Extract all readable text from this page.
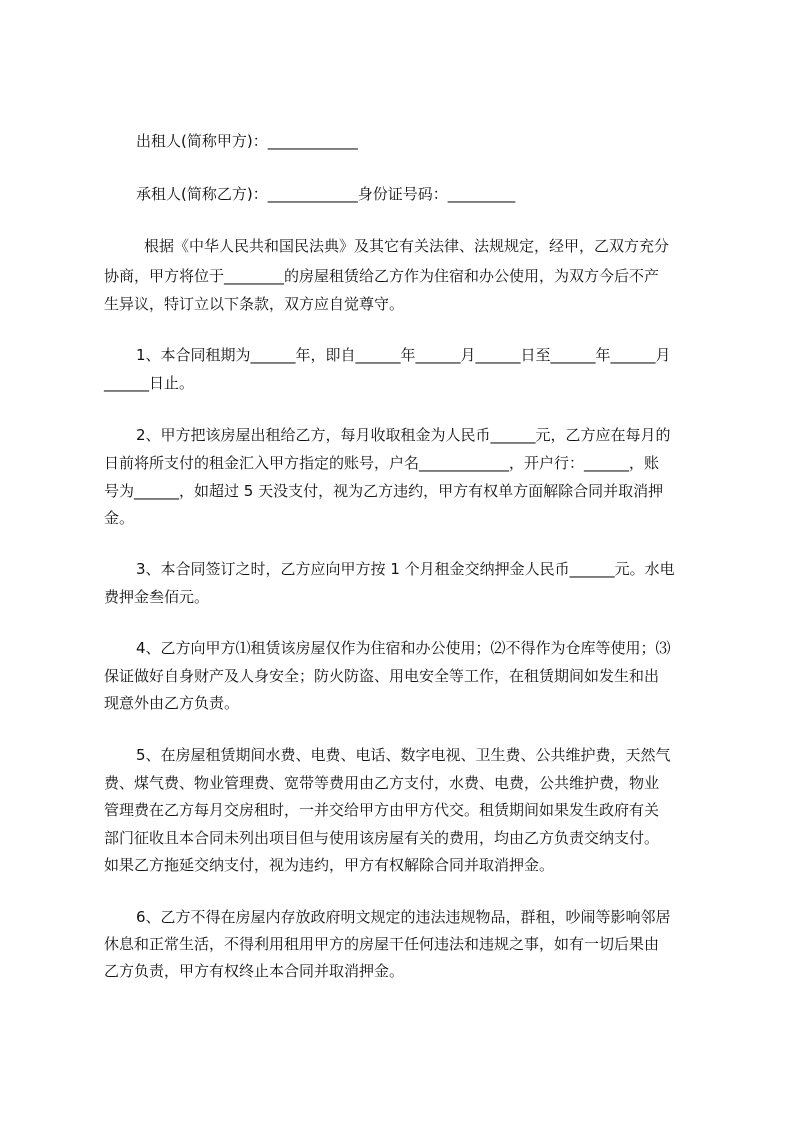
出租人(简称甲方)：____________
承租人(简称乙方)：____________身份证号码：_________
根据《中华人民共和国民法典》及其它有关法律、法规规定，经甲，乙双方充分
协商，甲方将位于________的房屋租赁给乙方作为住宿和办公使用，为双方今后不产
生异议，特订立以下条款，双方应自觉尊守。
1、本合同租期为______年，即自______年______月______日至______年______月
______日止。
2、甲方把该房屋出租给乙方，每月收取租金为人民币______元，乙方应在每月的
日前将所支付的租金汇入甲方指定的账号，户名____________，开户行：______，账
号为______，如超过 5 天没支付，视为乙方违约，甲方有权单方面解除合同并取消押
金。
3、本合同签订之时，乙方应向甲方按 1 个月租金交纳押金人民币______元。水电
费押金叁佰元。
4、乙方向甲方⑴租赁该房屋仅作为住宿和办公使用；⑵不得作为仓库等使用；⑶
保证做好自身财产及人身安全；防火防盗、用电安全等工作，在租赁期间如发生和出
现意外由乙方负责。
5、在房屋租赁期间水费、电费、电话、数字电视、卫生费、公共维护费，天然气
费、煤气费、物业管理费、宽带等费用由乙方支付，水费、电费，公共维护费，物业
管理费在乙方每月交房租时，一并交给甲方由甲方代交。租赁期间如果发生政府有关
部门征收且本合同未列出项目但与使用该房屋有关的费用，均由乙方负责交纳支付。
如果乙方拖延交纳支付，视为违约，甲方有权解除合同并取消押金。
6、乙方不得在房屋内存放政府明文规定的违法违规物品，群租，吵闹等影响邻居
休息和正常生活，不得利用租用甲方的房屋干任何违法和违规之事，如有一切后果由
乙方负责，甲方有权终止本合同并取消押金。
